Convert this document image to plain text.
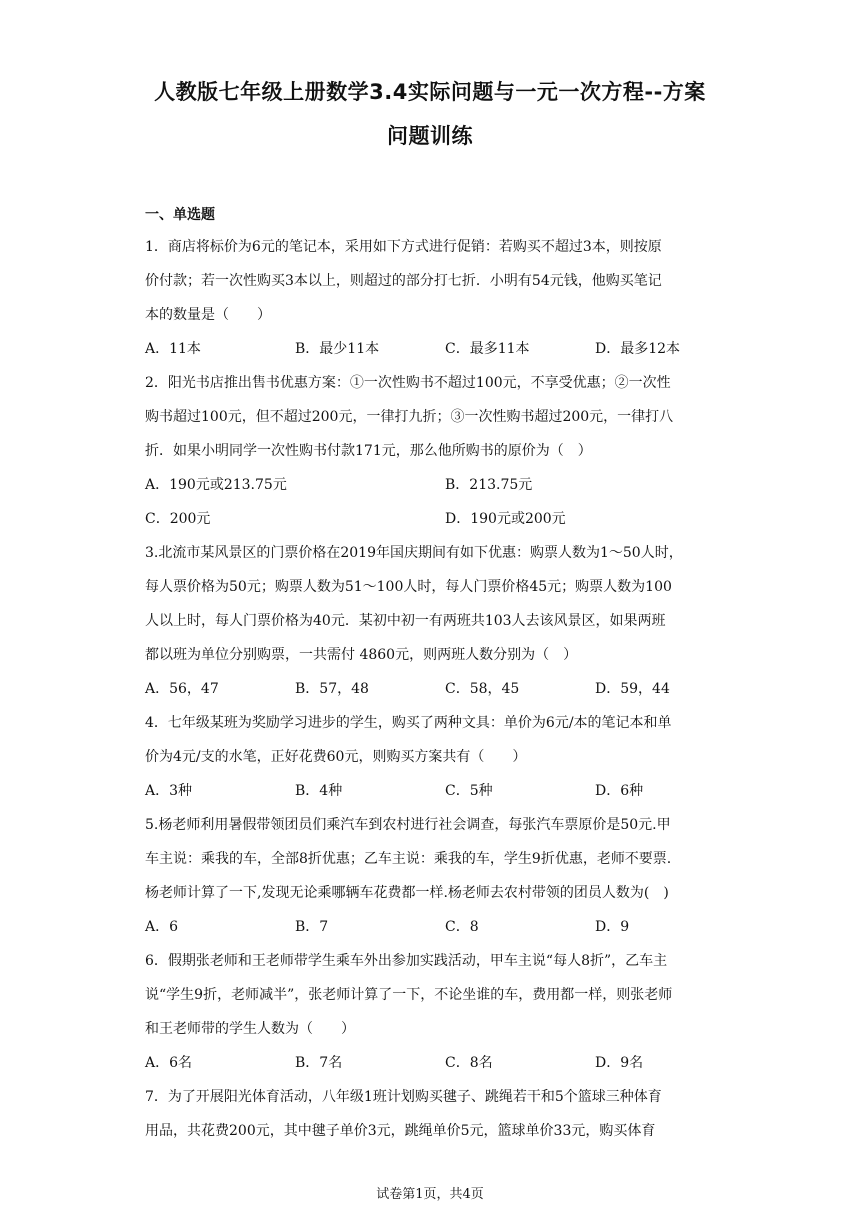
人教版七年级上册数学3.4实际问题与一元一次方程--方案
问题训练
一、单选题
1．商店将标价为6元的笔记本，采用如下方式进行促销：若购买不超过3本，则按原
价付款；若一次性购买3本以上，则超过的部分打七折．小明有54元钱，他购买笔记
本的数量是（　　）
A．11本	B．最少11本	C．最多11本	D．最多12本
2．阳光书店推出售书优惠方案：①一次性购书不超过100元，不享受优惠；②一次性
购书超过100元，但不超过200元，一律打九折；③一次性购书超过200元，一律打八
折．如果小明同学一次性购书付款171元，那么他所购书的原价为（　）
A．190元或213.75元	B．213.75元
C．200元	D．190元或200元
3.北流市某风景区的门票价格在2019年国庆期间有如下优惠：购票人数为1～50人时，
每人票价格为50元；购票人数为51～100人时，每人门票价格45元；购票人数为100
人以上时，每人门票价格为40元．某初中初一有两班共103人去该风景区，如果两班
都以班为单位分别购票，一共需付 4860元，则两班人数分别为（　）
A．56，47	B．57，48	C．58，45	D．59，44
4．七年级某班为奖励学习进步的学生，购买了两种文具：单价为6元/本的笔记本和单
价为4元/支的水笔，正好花费60元，则购买方案共有（　　）
A．3种	B．4种	C．5种	D．6种
5.杨老师利用暑假带领团员们乘汽车到农村进行社会调查，每张汽车票原价是50元.甲
车主说：乘我的车，全部8折优惠；乙车主说：乘我的车，学生9折优惠，老师不要票.
杨老师计算了一下,发现无论乘哪辆车花费都一样.杨老师去农村带领的团员人数为(　)
A．6	B．7	C．8	D．9
6．假期张老师和王老师带学生乘车外出参加实践活动，甲车主说“每人8折”，乙车主
说“学生9折，老师减半”，张老师计算了一下，不论坐谁的车，费用都一样，则张老师
和王老师带的学生人数为（　　）
A．6名	B．7名	C．8名	D．9名
7．为了开展阳光体育活动，八年级1班计划购买毽子、跳绳若干和5个篮球三种体育
用品，共花费200元，其中毽子单价3元，跳绳单价5元，篮球单价33元，购买体育
试卷第1页，共4页
